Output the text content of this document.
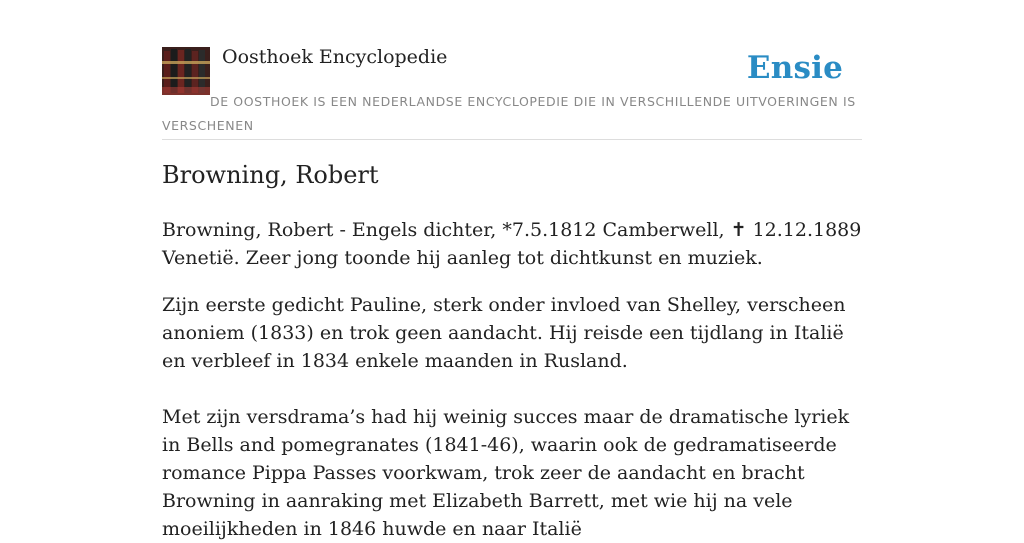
Oosthoek Encyclopedie	Ensie
DE OOSTHOEK IS EEN NEDERLANDSE ENCYCLOPEDIE DIE IN VERSCHILLENDE UITVOERINGEN IS VERSCHENEN
Browning, Robert

Browning, Robert - Engels dichter, *7.5.1812 Camberwell, ✝ 12.12.1889 Venetië. Zeer jong toonde hij aanleg tot dichtkunst en muziek.

Zijn eerste gedicht Pauline, sterk onder invloed van Shelley, verscheen anoniem (1833) en trok geen aandacht. Hij reisde een tijdlang in Italië en verbleef in 1834 enkele maanden in Rusland.

Met zijn versdrama’s had hij weinig succes maar de dramatische lyriek in Bells and pomegranates (1841-46), waarin ook de gedramatiseerde romance Pippa Passes voorkwam, trok zeer de aandacht en bracht Browning in aanraking met Elizabeth Barrett, met wie hij na vele moeilijkheden in 1846 huwde en naar Italië
